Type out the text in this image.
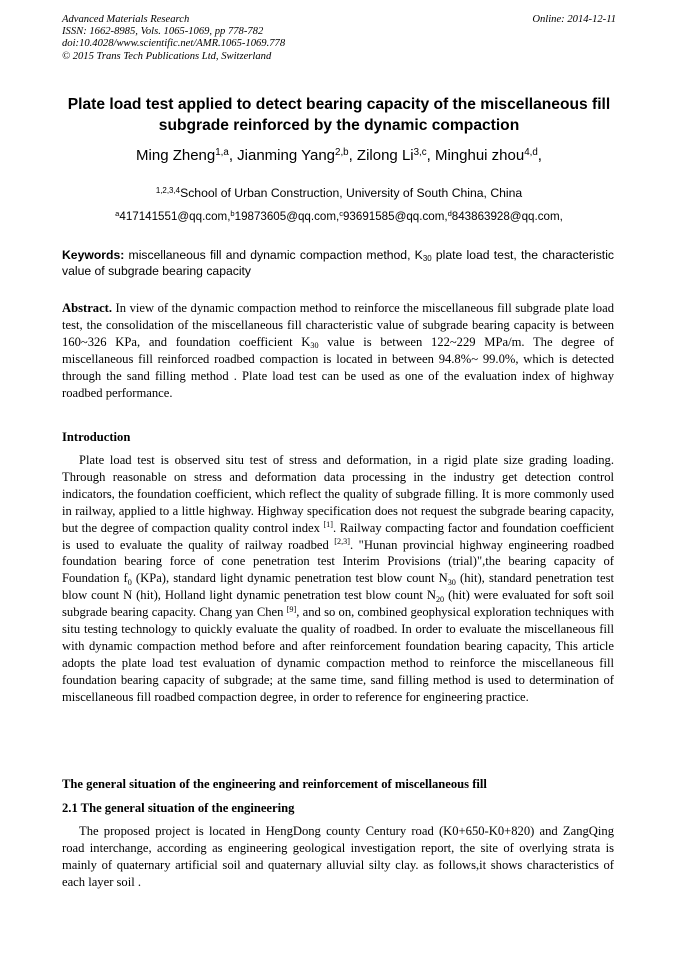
Advanced Materials Research
ISSN: 1662-8985, Vols. 1065-1069, pp 778-782
doi:10.4028/www.scientific.net/AMR.1065-1069.778
© 2015 Trans Tech Publications Ltd, Switzerland
Online: 2014-12-11
Plate load test applied to detect bearing capacity of the miscellaneous fill subgrade reinforced by the dynamic compaction
Ming Zheng$^{1,a}$, Jianming Yang$^{2,b}$, Zilong Li$^{3,c}$, Minghui zhou$^{4,d}$,
$^{1,2,3,4}$School of Urban Construction, University of South China, China
$^a$417141551@qq.com,$^b$19873605@qq.com,$^c$93691585@qq.com,$^d$843863928@qq.com,
Keywords: miscellaneous fill and dynamic compaction method, $K_{30}$ plate load test, the characteristic value of subgrade bearing capacity
Abstract. In view of the dynamic compaction method to reinforce the miscellaneous fill subgrade plate load test, the consolidation of the miscellaneous fill characteristic value of subgrade bearing capacity is between 160~326 KPa, and foundation coefficient $K_{30}$ value is between 122~229 MPa/m. The degree of miscellaneous fill reinforced roadbed compaction is located in between 94.8%~ 99.0%, which is detected through the sand filling method . Plate load test can be used as one of the evaluation index of highway roadbed performance.
Introduction
Plate load test is observed situ test of stress and deformation, in a rigid plate size grading loading. Through reasonable on stress and deformation data processing in the industry get detection control indicators, the foundation coefficient, which reflect the quality of subgrade filling. It is more commonly used in railway, applied to a little highway. Highway specification does not request the subgrade bearing capacity, but the degree of compaction quality control index [1]. Railway compacting factor and foundation coefficient is used to evaluate the quality of railway roadbed [2,3]. "Hunan provincial highway engineering roadbed foundation bearing force of cone penetration test Interim Provisions (trial)",the bearing capacity of Foundation $f_0$ (KPa), standard light dynamic penetration test blow count $N_{30}$ (hit), standard penetration test blow count N (hit), Holland light dynamic penetration test blow count $N_{20}$ (hit) were evaluated for soft soil subgrade bearing capacity. Chang yan Chen [9], and so on, combined geophysical exploration techniques with situ testing technology to quickly evaluate the quality of roadbed. In order to evaluate the miscellaneous fill with dynamic compaction method before and after reinforcement foundation bearing capacity, This article adopts the plate load test evaluation of dynamic compaction method to reinforce the miscellaneous fill foundation bearing capacity of subgrade; at the same time, sand filling method is used to determination of miscellaneous fill roadbed compaction degree, in order to reference for engineering practice.
The general situation of the engineering and reinforcement of miscellaneous fill
2.1 The general situation of the engineering
The proposed project is located in HengDong county Century road (K0+650-K0+820) and ZangQing road interchange, according as engineering geological investigation report, the site of overlying strata is mainly of quaternary artificial soil and quaternary alluvial silty clay. as follows,it shows characteristics of each layer soil .
